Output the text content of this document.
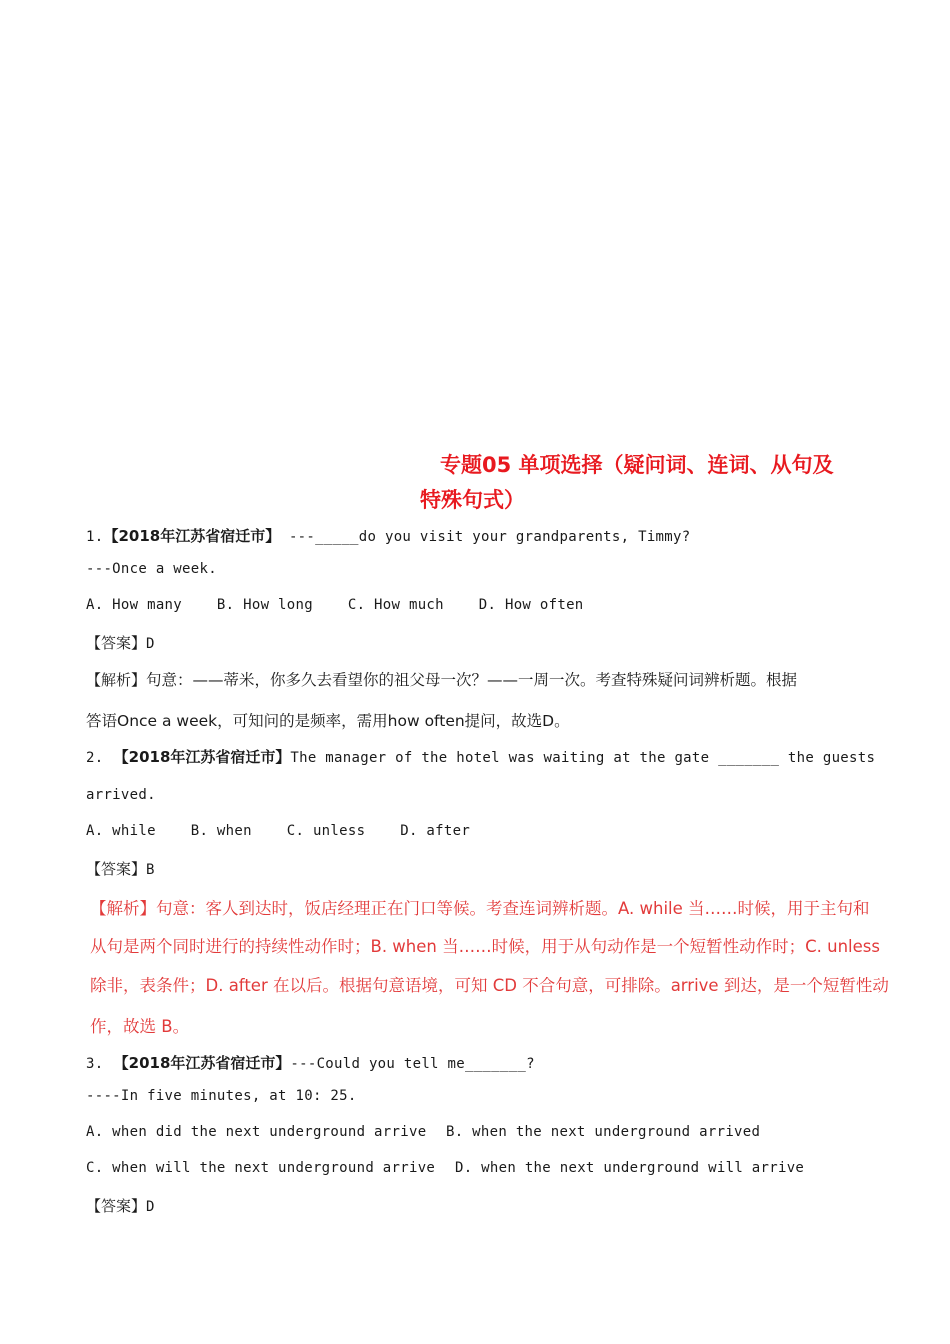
专题05 单项选择（疑问词、连词、从句及
特殊句式）
1.【2018年江苏省宿迁市】 ---_____do you visit your grandparents, Timmy?
---Once a week.
A. How many    B. How long    C. How much    D. How often
【答案】D
【解析】句意：——蒂米，你多久去看望你的祖父母一次？——一周一次。考查特殊疑问词辨析题。根据
答语Once a week，可知问的是频率，需用how often提问，故选D。
2. 【2018年江苏省宿迁市】The manager of the hotel was waiting at the gate _______ the guests
arrived.
A. while    B. when    C. unless    D. after
【答案】B
【解析】句意：客人到达时，饭店经理正在门口等候。考查连词辨析题。A. while 当……时候，用于主句和
从句是两个同时进行的持续性动作时；B. when 当……时候，用于从句动作是一个短暂性动作时；C. unless
除非，表条件；D. after 在以后。根据句意语境，可知 CD 不合句意，可排除。arrive 到达，是一个短暂性动
作，故选 B。
3. 【2018年江苏省宿迁市】---Could you tell me_______?
----In five minutes, at 10: 25.
A. when did the next underground arrive B. when the next underground arrived
C. when will the next underground arrive D. when the next underground will arrive
【答案】D
